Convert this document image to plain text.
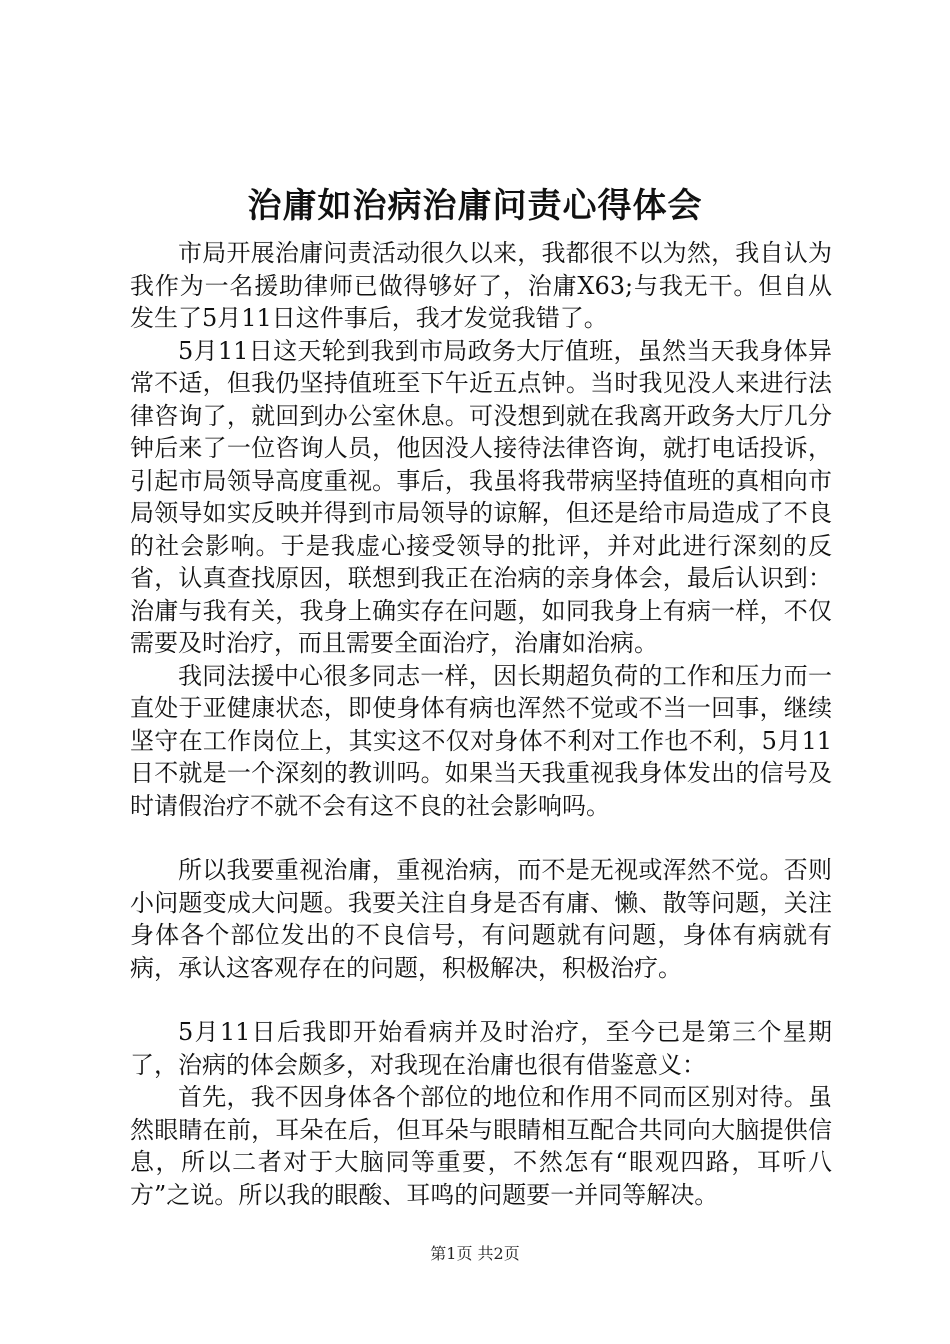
治庸如治病治庸问责心得体会

市局开展治庸问责活动很久以来，我都很不以为然，我自认为我作为一名援助律师已做得够好了，治庸X63;与我无干。但自从发生了5月11日这件事后，我才发觉我错了。

5月11日这天轮到我到市局政务大厅值班，虽然当天我身体异常不适，但我仍坚持值班至下午近五点钟。当时我见没人来进行法律咨询了，就回到办公室休息。可没想到就在我离开政务大厅几分钟后来了一位咨询人员，他因没人接待法律咨询，就打电话投诉，引起市局领导高度重视。事后，我虽将我带病坚持值班的真相向市局领导如实反映并得到市局领导的谅解，但还是给市局造成了不良的社会影响。于是我虚心接受领导的批评，并对此进行深刻的反省，认真查找原因，联想到我正在治病的亲身体会，最后认识到：治庸与我有关，我身上确实存在问题，如同我身上有病一样，不仅需要及时治疗，而且需要全面治疗，治庸如治病。

我同法援中心很多同志一样，因长期超负荷的工作和压力而一直处于亚健康状态，即使身体有病也浑然不觉或不当一回事，继续坚守在工作岗位上，其实这不仅对身体不利对工作也不利，5月11日不就是一个深刻的教训吗。如果当天我重视我身体发出的信号及时请假治疗不就不会有这不良的社会影响吗。

所以我要重视治庸，重视治病，而不是无视或浑然不觉。否则小问题变成大问题。我要关注自身是否有庸、懒、散等问题，关注身体各个部位发出的不良信号，有问题就有问题，身体有病就有病，承认这客观存在的问题，积极解决，积极治疗。

5月11日后我即开始看病并及时治疗，至今已是第三个星期了，治病的体会颇多，对我现在治庸也很有借鉴意义：

首先，我不因身体各个部位的地位和作用不同而区别对待。虽然眼睛在前，耳朵在后，但耳朵与眼睛相互配合共同向大脑提供信息，所以二者对于大脑同等重要，不然怎有“眼观四路，耳听八方”之说。所以我的眼酸、耳鸣的问题要一并同等解决。

第1页 共2页
